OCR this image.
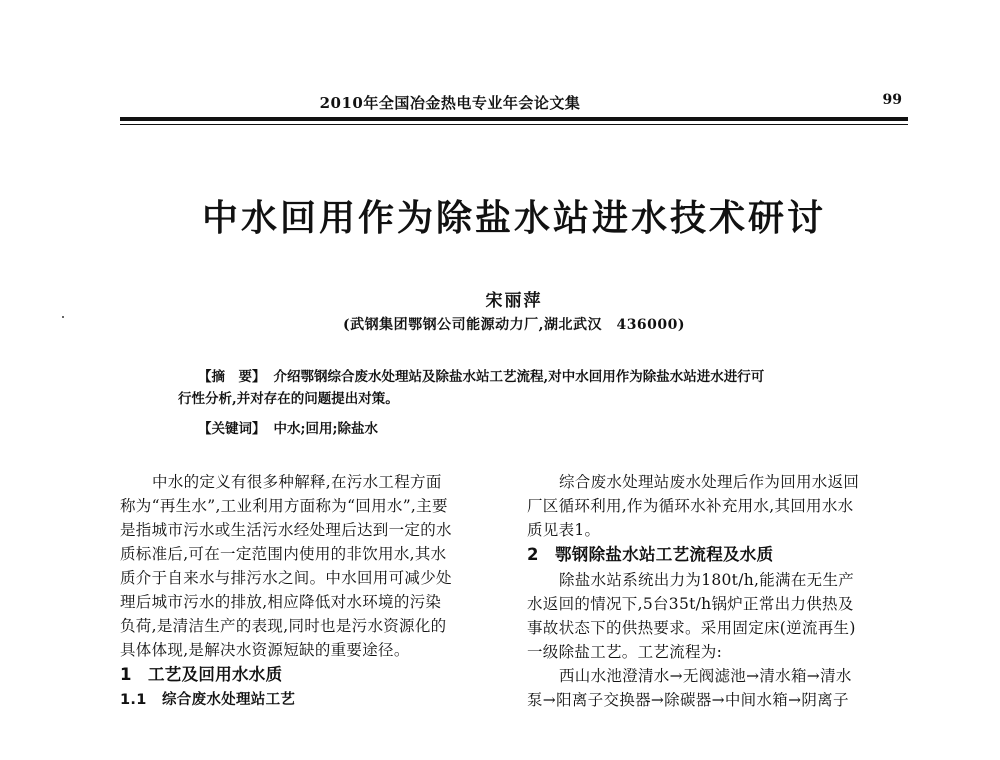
2010年全国冶金热电专业年会论文集	99
中水回用作为除盐水站进水技术研讨
宋丽萍
(武钢集团鄂钢公司能源动力厂,湖北武汉　436000)
【摘　要】 介绍鄂钢综合废水处理站及除盐水站工艺流程,对中水回用作为除盐水站进水进行可
行性分析,并对存在的问题提出对策。
【关键词】 中水;回用;除盐水
中水的定义有很多种解释,在污水工程方面
称为“再生水”,工业利用方面称为“回用水”,主要
是指城市污水或生活污水经处理后达到一定的水
质标准后,可在一定范围内使用的非饮用水,其水
质介于自来水与排污水之间。中水回用可减少处
理后城市污水的排放,相应降低对水环境的污染
负荷,是清洁生产的表现,同时也是污水资源化的
具体体现,是解决水资源短缺的重要途径。
1 工艺及回用水水质
1.1 综合废水处理站工艺
综合废水处理站废水处理后作为回用水返回
厂区循环利用,作为循环水补充用水,其回用水水
质见表1。
2 鄂钢除盐水站工艺流程及水质
除盐水站系统出力为180t/h,能满在无生产
水返回的情况下,5台35t/h锅炉正常出力供热及
事故状态下的供热要求。采用固定床(逆流再生)
一级除盐工艺。工艺流程为:
西山水池澄清水→无阀滤池→清水箱→清水
泵→阳离子交换器→除碳器→中间水箱→阴离子
